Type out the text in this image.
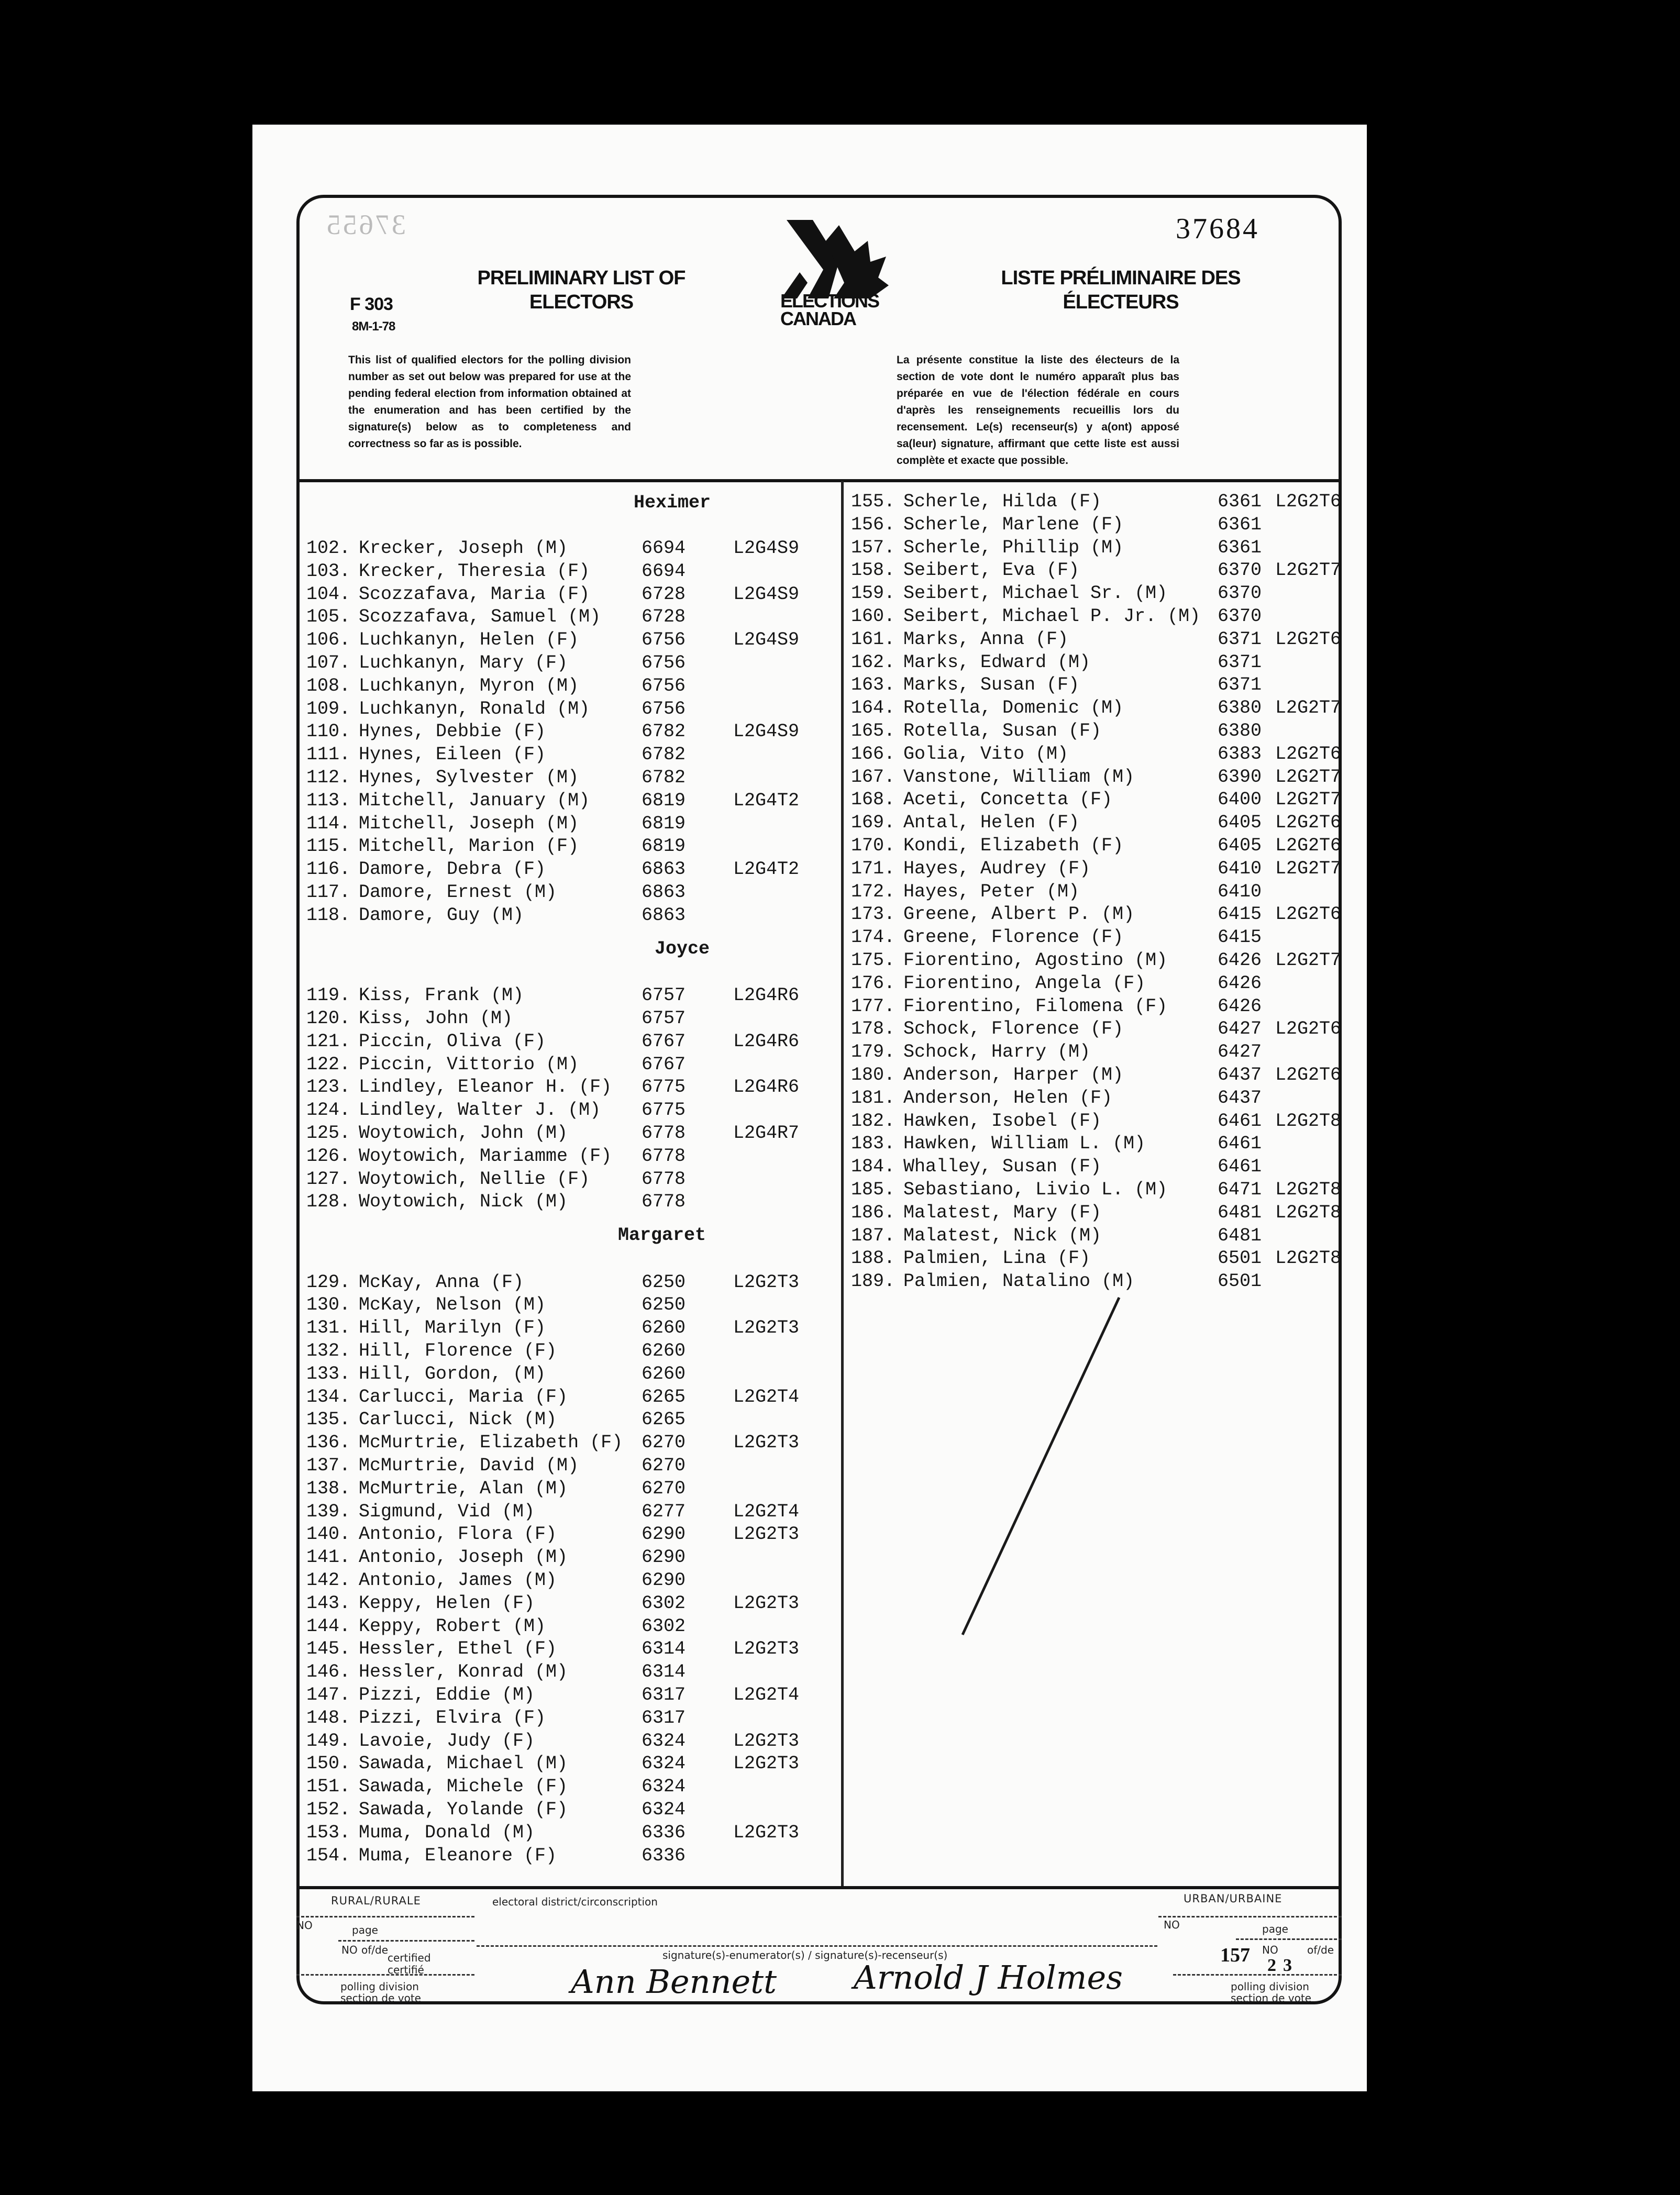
37655	37684
F 303
8M-1-78
PRELIMINARY LIST OF
ELECTORS
LISTE PRÉLIMINAIRE DES
ÉLECTEURS
ELECTIONS
CANADA
This list of qualified electors for the polling division number as set out below was prepared for use at the pending federal election from information obtained at the enumeration and has been certified by the signature(s) below as to completeness and correctness so far as is possible.
La présente constitue la liste des électeurs de la section de vote dont le numéro apparaît plus bas préparée en vue de l'élection fédérale en cours d'après les renseignements recueillis lors du recensement. Le(s) recenseur(s) y a(ont) apposé sa(leur) signature, affirmant que cette liste est aussi complète et exacte que possible.
Heximer
102. Krecker, Joseph (M)	6694	L2G4S9
103. Krecker, Theresia (F)	6694
104. Scozzafava, Maria (F)	6728	L2G4S9
105. Scozzafava, Samuel (M) 6728
106. Luchkanyn, Helen (F)	6756	L2G4S9
107. Luchkanyn, Mary (F)	6756
108. Luchkanyn, Myron (M)	6756
109. Luchkanyn, Ronald (M)	6756
110. Hynes, Debbie (F)	6782	L2G4S9
111. Hynes, Eileen (F)	6782
112. Hynes, Sylvester (M)	6782
113. Mitchell, January (M)	6819	L2G4T2
114. Mitchell, Joseph (M)	6819
115. Mitchell, Marion (F)	6819
116. Damore, Debra (F)	6863	L2G4T2
117. Damore, Ernest (M)	6863
118. Damore, Guy (M)	6863
Joyce
119. Kiss, Frank (M)	6757	L2G4R6
120. Kiss, John (M)	6757
121. Piccin, Oliva (F)	6767	L2G4R6
122. Piccin, Vittorio (M)	6767
123. Lindley, Eleanor H. (F) 6775	L2G4R6
124. Lindley, Walter J. (M) 6775
125. Woytowich, John (M)	6778	L2G4R7
126. Woytowich, Mariamme (F) 6778
127. Woytowich, Nellie (F)	6778
128. Woytowich, Nick (M)	6778
Margaret
129. McKay, Anna (F)	6250	L2G2T3
130. McKay, Nelson (M)	6250
131. Hill, Marilyn (F)	6260	L2G2T3
132. Hill, Florence (F)	6260
133. Hill, Gordon, (M)	6260
134. Carlucci, Maria (F)	6265	L2G2T4
135. Carlucci, Nick (M)	6265
136. McMurtrie, Elizabeth (F) 6270	L2G2T3
137. McMurtrie, David (M)	6270
138. McMurtrie, Alan (M)	6270
139. Sigmund, Vid (M)	6277	L2G2T4
140. Antonio, Flora (F)	6290	L2G2T3
141. Antonio, Joseph (M)	6290
142. Antonio, James (M)	6290
143. Keppy, Helen (F)	6302	L2G2T3
144. Keppy, Robert (M)	6302
145. Hessler, Ethel (F)	6314	L2G2T3
146. Hessler, Konrad (M)	6314
147. Pizzi, Eddie (M)	6317	L2G2T4
148. Pizzi, Elvira (F)	6317
149. Lavoie, Judy (F)	6324	L2G2T3
150. Sawada, Michael (M)	6324	L2G2T3
151. Sawada, Michele (F)	6324
152. Sawada, Yolande (F)	6324
153. Muma, Donald (M)	6336	L2G2T3
154. Muma, Eleanore (F)	6336
155. Scherle, Hilda (F)	6361 L2G2T6
156. Scherle, Marlene (F)	6361
157. Scherle, Phillip (M)	6361
158. Seibert, Eva (F)	6370 L2G2T7
159. Seibert, Michael Sr. (M)	6370
160. Seibert, Michael P. Jr. (M) 6370
161. Marks, Anna (F)	6371 L2G2T6
162. Marks, Edward (M)	6371
163. Marks, Susan (F)	6371
164. Rotella, Domenic (M)	6380 L2G2T7
165. Rotella, Susan (F)	6380
166. Golia, Vito (M)	6383 L2G2T6
167. Vanstone, William (M)	6390 L2G2T7
168. Aceti, Concetta (F)	6400 L2G2T7
169. Antal, Helen (F)	6405 L2G2T6
170. Kondi, Elizabeth (F)	6405 L2G2T6
171. Hayes, Audrey (F)	6410 L2G2T7
172. Hayes, Peter (M)	6410
173. Greene, Albert P. (M)	6415 L2G2T6
174. Greene, Florence (F)	6415
175. Fiorentino, Agostino (M)	6426 L2G2T7
176. Fiorentino, Angela (F)	6426
177. Fiorentino, Filomena (F)	6426
178. Schock, Florence (F)	6427 L2G2T6
179. Schock, Harry (M)	6427
180. Anderson, Harper (M)	6437 L2G2T6
181. Anderson, Helen (F)	6437
182. Hawken, Isobel (F)	6461 L2G2T8
183. Hawken, William L. (M)	6461
184. Whalley, Susan (F)	6461
185. Sebastiano, Livio L. (M)	6471 L2G2T8
186. Malatest, Mary (F)	6481 L2G2T8
187. Malatest, Nick (M)	6481
188. Palmien, Lina (F)	6501 L2G2T8
189. Palmien, Natalino (M)	6501
RURAL/RURALE	electoral district/circonscription	URBAN/URBAINE
NO	page
NO of/de
NO	page
certified
certifié
signature(s)-enumerator(s) / signature(s)-recenseur(s)	157 NO	of/de
2 3
polling division
section de vote
polling division
section de vote
Ann Bennett Arnold J Holmes
